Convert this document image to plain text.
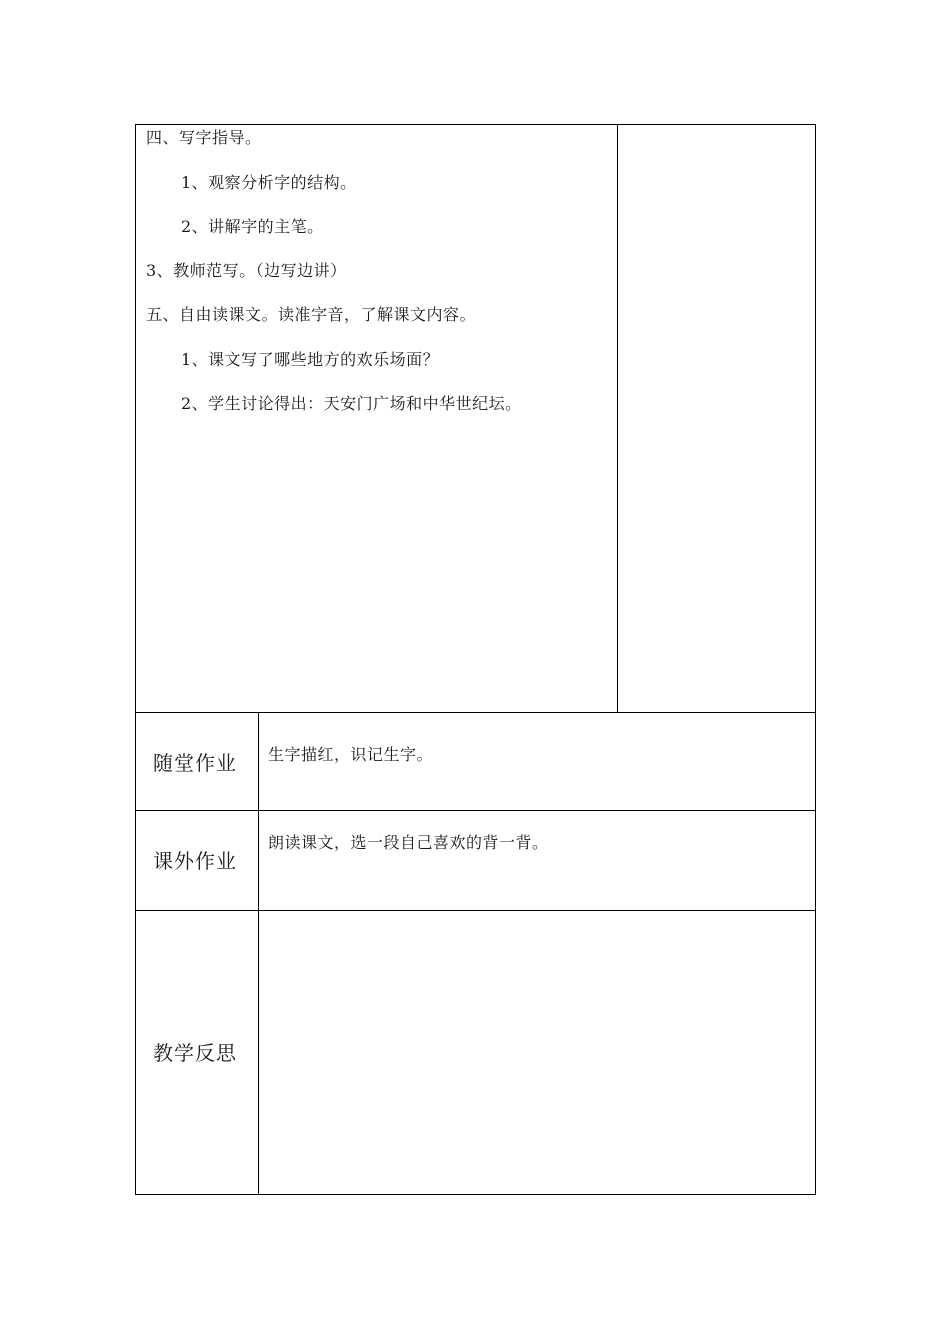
四、写字指导。
1、观察分析字的结构。
2、讲解字的主笔。
3、教师范写。（边写边讲）
五、自由读课文。读准字音，了解课文内容。
1、课文写了哪些地方的欢乐场面？
2、学生讨论得出：天安门广场和中华世纪坛。
随堂作业 生字描红，识记生字。
课外作业
朗读课文，选一段自己喜欢的背一背。
教学反思
